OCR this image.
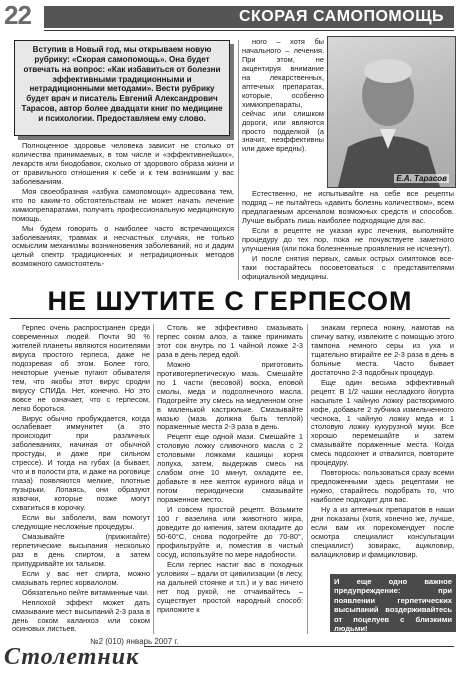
22	СКОРАЯ САМОПОМОЩЬ

Вступив в Новый год, мы открываем новую рубрику: «Скорая самопомощь». Она будет отвечать на вопрос: «Как избавиться от болезни эффективными традиционными и нетрадиционными методами». Вести рубрику будет врач и писатель Евгений Александрович Тарасов, автор более двадцати книг по медицине и психологии. Предоставляем ему слово.

Е.А. Тарасов

Полноценное здоровье человека зависит не столько от количества принимаемых, в том числе и «эффективнейших», лекарств или биодобавок, сколько от здорового образа жизни и от правильного отношения к себе и к тем возникшим у вас заболеваниям.

Моя своеобразная «азбука самопомощи» адресована тем, кто по каким-то обстоятельствам не может начать лечение химиопрепаратами, получить профессиональную медицинскую помощь.

Мы будем говорить о наиболее часто встречающихся заболеваниях, травмах и несчастных случаях, не только осмыслим механизмы возникновения заболеваний, но и дадим целый спектр традиционных и нетрадиционных методов возможного самостоятель-

ного – хотя бы начального – лечения. При этом, не акцентируя внимание на лекарственных, аптечных препаратах, которые, особенно химиопрепараты, сейчас или слишком дороги, или являются просто подделкой (а значит, неэффективны или даже вредны).

Естественно, не испытывайте на себе все рецепты подряд – не пытайтесь «давить болезнь количеством», всем предлагаемым арсеналом возможных средств и способов. Лучше выбрать лишь наиболее подходящие для вас.

Если в рецепте не указан курс лечения, выполняйте процедуру до тех пор, пока не почувствуете заметного улучшения (или пока болезненные проявления не исчезнут).

И после снятия первых, самых острых симптомов все-таки постарайтесь посоветоваться с представителями официальной медицины.

НЕ ШУТИТЕ С ГЕРПЕСОМ

Герпес очень распространен среди современных людей. Почти 90 % жителей планеты являются носителями вируса простого герпеса, даже не подозревая об этом. Более того, некоторые ученые пугают обывателя тем, что якобы этот вирус сродни вирусу СПИДа. Нет, конечно. Но это вовсе не означает, что с герпесом, легко бороться.

Вирус обычно пробуждается, когда ослабевает иммунитет (а это происходит при различных заболеваниях, начиная от обычной простуды, и даже при сильном стрессе). И тогда на губах (а бывает, что и в полости рта, и даже на роговице глаза) появляются мелкие, плотные пузырьки. Лопаясь, они образуют язвочки, которые позже могут схватиться в корочку.

Если вы заболели, вам помогут следующие несложные процедуры.

Смазывайте (прижигайте) герпетические высыпания несколько раз в день спиртом, а затем припудривайте их тальком.

Если у вас нет спирта, можно смазывать герпес корвалолом.

Обязательно пейте витаминные чаи.

Неплохой эффект может дать смазывание мест высыпаний 2-3 раза в день соком каланхоэ или соком осиновых листьев.

Столь же эффективно смазывать герпес соком алоэ, а также принимать этот сок внутрь по 1 чайной ложке 2-3 раза в день перед едой.

Можно приготовить противогерпетическую мазь. Смешайте по 1 части (весовой) воска, еловой смолы, меда и подсолнечного масла. Подогрейте эту смесь на медленном огне в маленькой кастрюльке. Смазывайте мазью (мазь должна быть теплой) пораженные места 2-3 раза в день.

Рецепт еще одной мази. Смешайте 1 столовую ложку сливочного масла с 2 столовыми ложками кашицы корня лопуха, затем, выдержав смесь на слабом огне 10 минут, охладите ее, добавьте в нее желток куриного яйца и потом периодически смазывайте пораженное место.

И совсем простой рецепт. Возьмите 100 г вазелина или животного жира, доведите до кипения, затем охладите до 50-60°С, снова подогрейте до 70-80°, профильтруйте и, поместив в чистый сосуд, используйте по мере надобности.

Если герпес настиг вас в походных условиях – вдали от цивилизации (в лесу, на дальней стоянке и т.п.) и у вас ничего нет под рукой, не отчаивайтесь – существует простой народный способ: приложите к

знакам герпеса ножну, намотав на спичку ватку, извлеките с помощью этого тампона немного серы из уха и тщательно втирайте ее 2-3 раза в день в больные места. Часто бывает достаточно 2-3 подобных процедур.

Еще один весьма эффективный рецепт. В 1/2 чашки несладкого йогурта насыпьте 1 чайную ложку растворимого кофе, добавьте 2 зубчика измельченного чеснока, 1 чайную ложку меда и 1 столовую ложку кукурузной муки. Все хорошо перемешайте и затем смазывайте пораженные места. Когда смесь подсохнет и отвалится, повторите процедуру.

Повторюсь: пользоваться сразу всеми предложенными здесь рецептами не нужно, старайтесь подобрать то, что наиболее подходит для вас.

Ну а из аптечных препаратов в наши дни показаны (хотя, конечно же, лучше, если вам их порекомендует после осмотра специалист консультации специалист) зовиракс, ацикловир, валацикловир и фамцикловир.

И еще одно важное предупреждение: при появлении герпетических высыпаний воздерживайтесь от поцелуев с близкими людьми!
№2 (010) январь 2007 г.
Столетник
